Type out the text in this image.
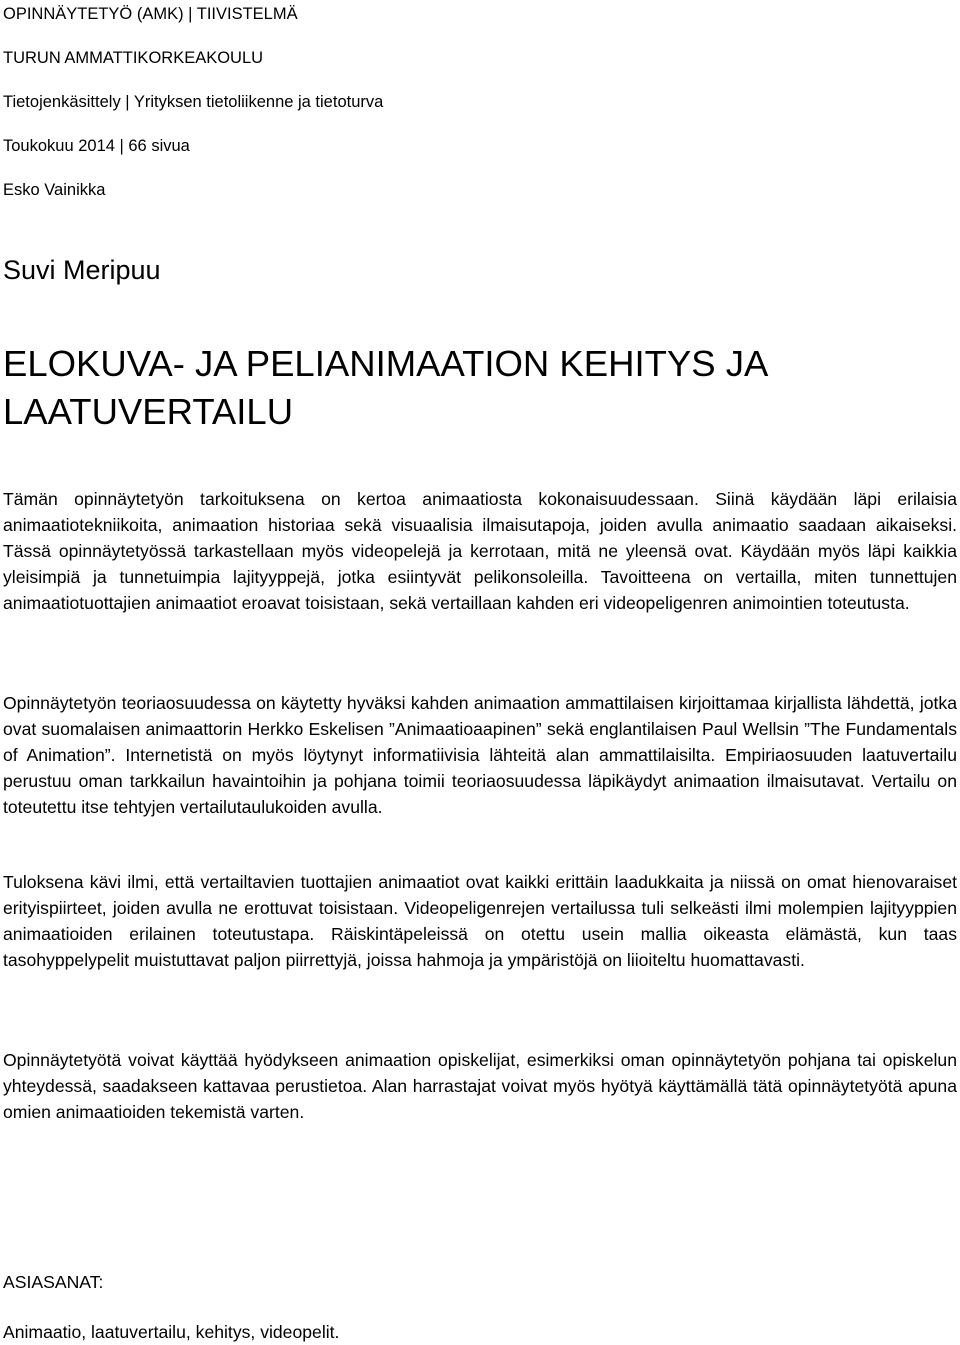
OPINNÄYTETYÖ (AMK) | TIIVISTELMÄ
TURUN AMMATTIKORKEAKOULU
Tietojenkäsittely | Yrityksen tietoliikenne ja tietoturva
Toukokuu 2014 | 66 sivua
Esko Vainikka
Suvi Meripuu
ELOKUVA- JA PELIANIMAATION KEHITYS JA
LAATUVERTAILU

Tämän opinnäytetyön tarkoituksena on kertoa animaatiosta kokonaisuudessaan. Siinä käydään läpi erilaisia animaatiotekniikoita, animaation historiaa sekä visuaalisia ilmaisutapoja, joiden avulla animaatio saadaan aikaiseksi. Tässä opinnäytetyössä tarkastellaan myös videopelejä ja kerrotaan, mitä ne yleensä ovat. Käydään myös läpi kaikkia yleisimpiä ja tunnetuimpia lajityyppejä, jotka esiintyvät pelikonsoleilla. Tavoitteena on vertailla, miten tunnettujen animaatiotuottajien animaatiot eroavat toisistaan, sekä vertaillaan kahden eri videopeligenren animointien toteutusta.

Opinnäytetyön teoriaosuudessa on käytetty hyväksi kahden animaation ammattilaisen kirjoittamaa kirjallista lähdettä, jotka ovat suomalaisen animaattorin Herkko Eskelisen ”Animaatioaapinen” sekä englantilaisen Paul Wellsin ”The Fundamentals of Animation”. Internetistä on myös löytynyt informatiivisia lähteitä alan ammattilaisilta. Empiriaosuuden laatuvertailu perustuu oman tarkkailun havaintoihin ja pohjana toimii teoriaosuudessa läpikäydyt animaation ilmaisutavat. Vertailu on toteutettu itse tehtyjen vertailutaulukoiden avulla.

Tuloksena kävi ilmi, että vertailtavien tuottajien animaatiot ovat kaikki erittäin laadukkaita ja niissä on omat hienovaraiset erityispiirteet, joiden avulla ne erottuvat toisistaan. Videopeligenrejen vertailussa tuli selkeästi ilmi molempien lajityyppien animaatioiden erilainen toteutustapa. Räiskintäpeleissä on otettu usein mallia oikeasta elämästä, kun taas tasohyppelypelit muistuttavat paljon piirrettyjä, joissa hahmoja ja ympäristöjä on liioiteltu huomattavasti.

Opinnäytetyötä voivat käyttää hyödykseen animaation opiskelijat, esimerkiksi oman opinnäytetyön pohjana tai opiskelun yhteydessä, saadakseen kattavaa perustietoa. Alan harrastajat voivat myös hyötyä käyttämällä tätä opinnäytetyötä apuna omien animaatioiden tekemistä varten.

ASIASANAT:
Animaatio, laatuvertailu, kehitys, videopelit.
